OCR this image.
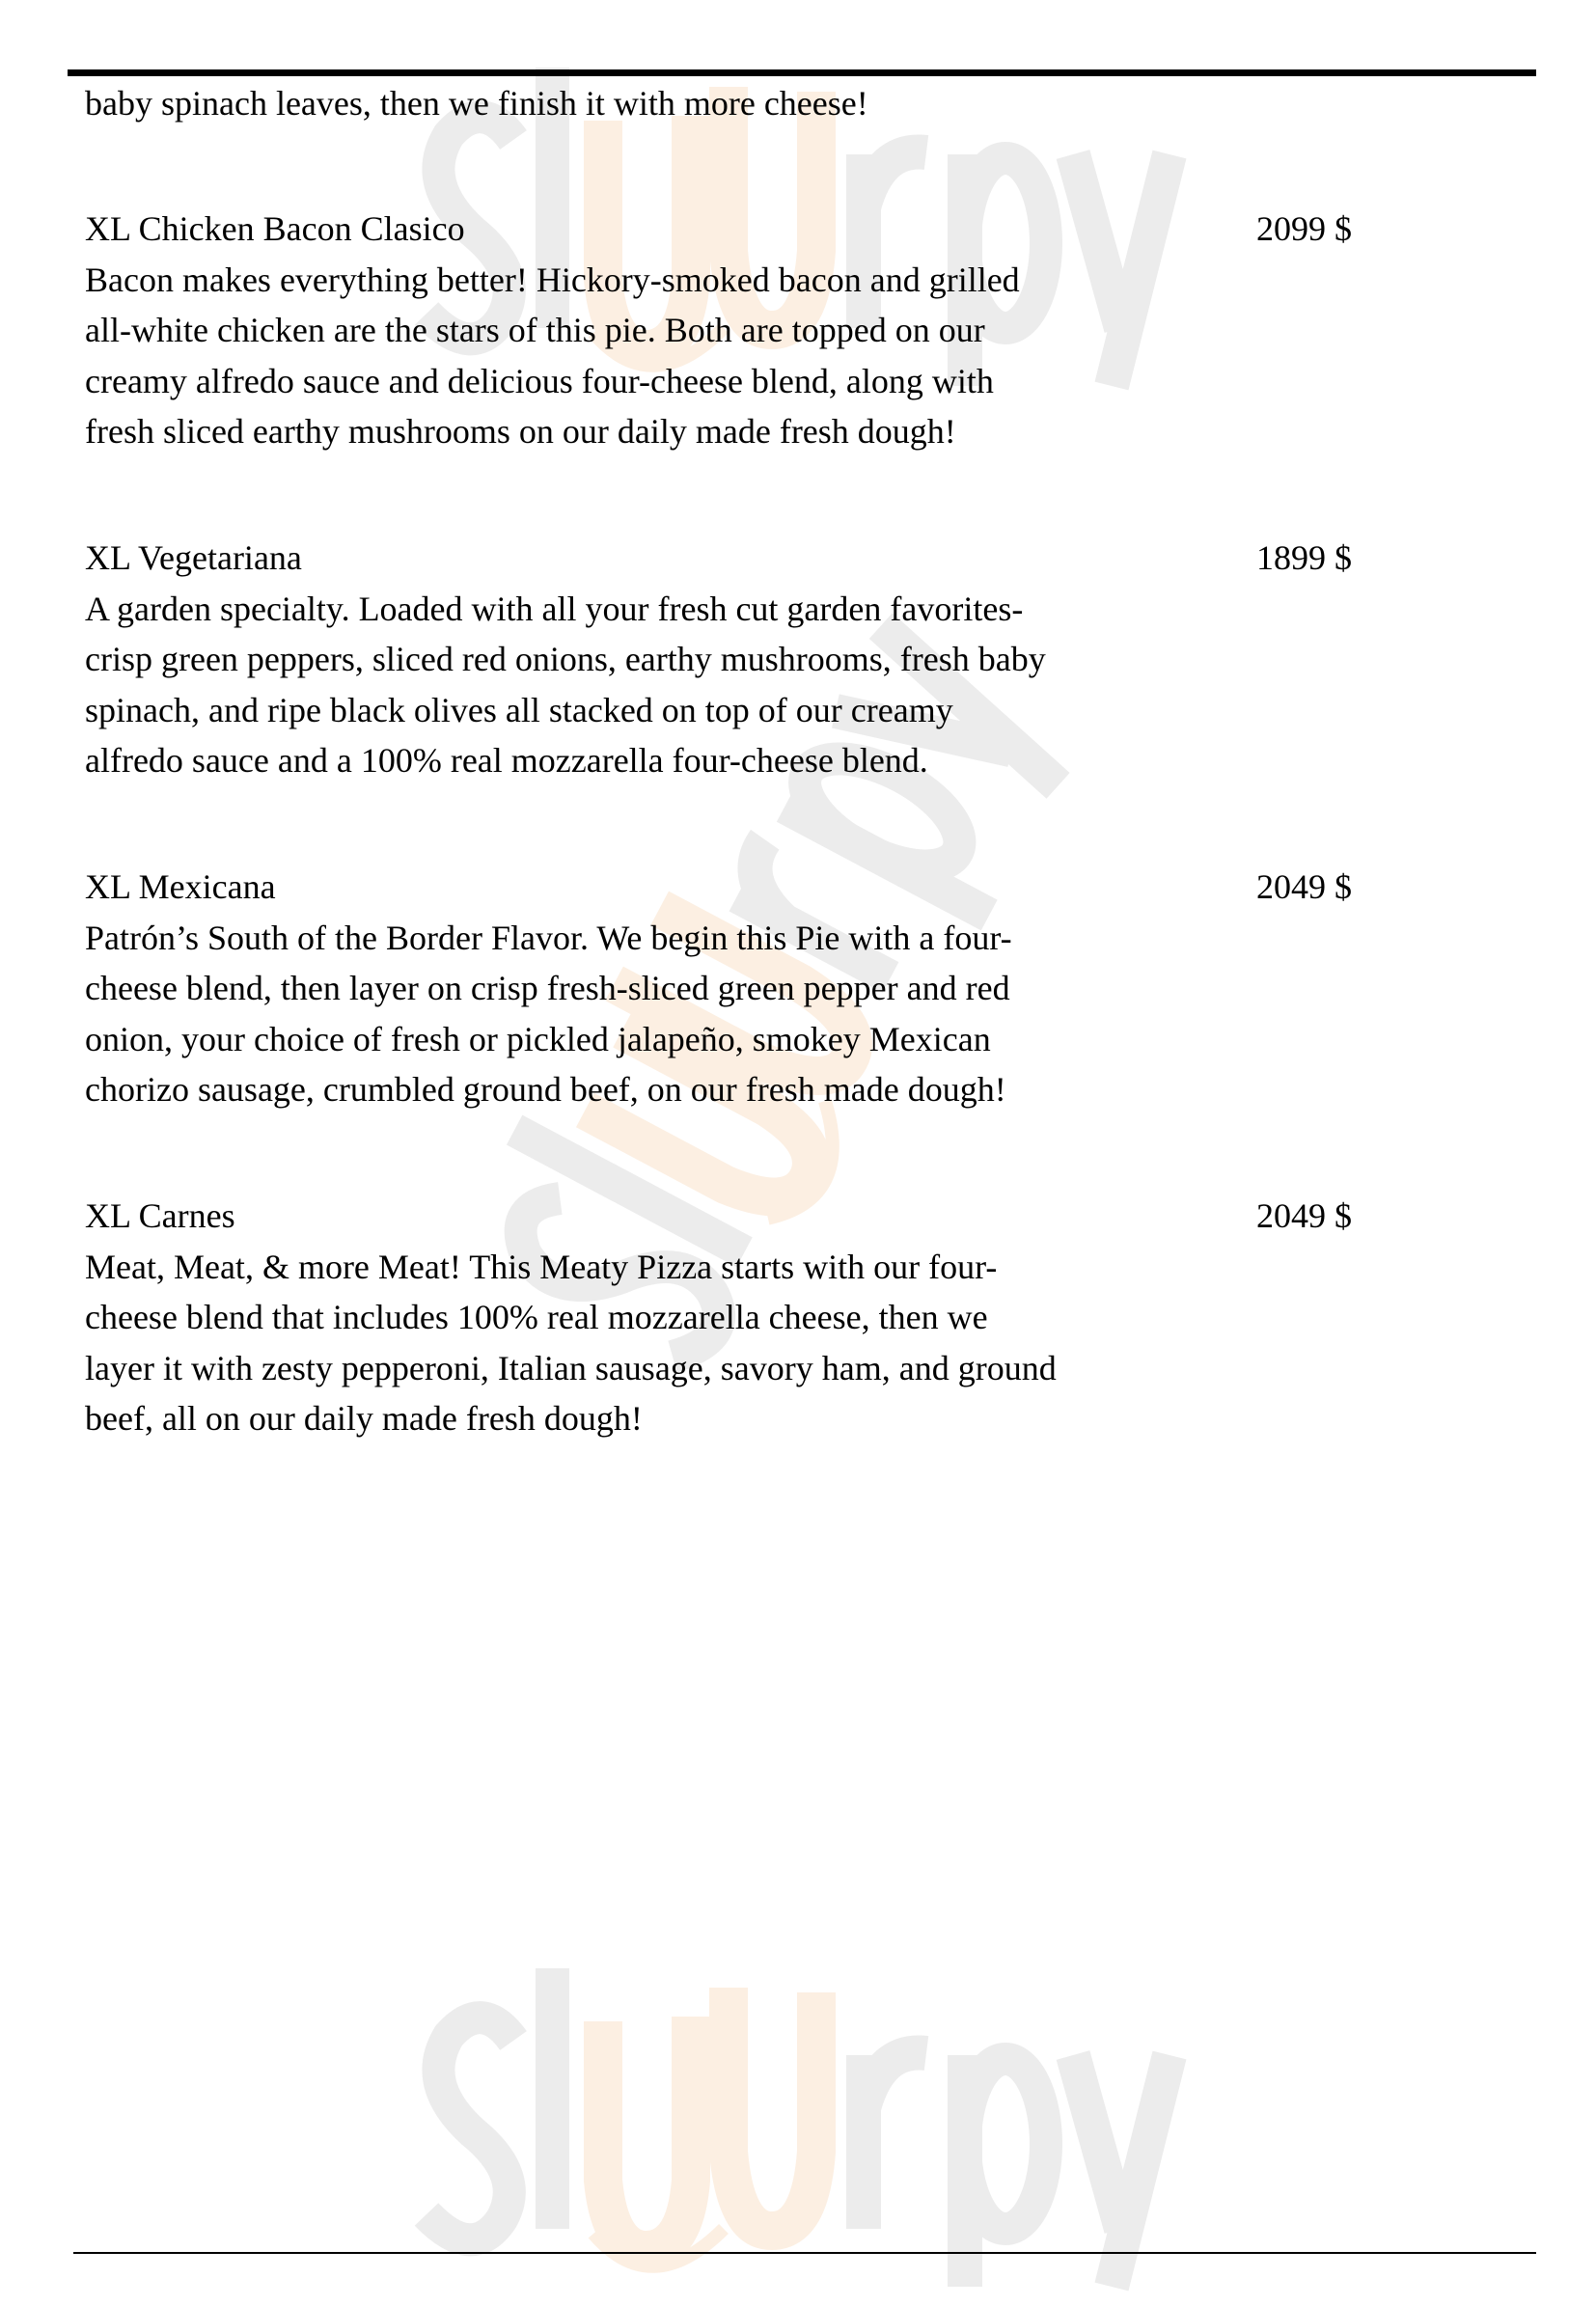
baby spinach leaves, then we finish it with more cheese!
XL Chicken Bacon Clasico	2099 $
Bacon makes everything better! Hickory-smoked bacon and grilled
all-white chicken are the stars of this pie. Both are topped on our
creamy alfredo sauce and delicious four-cheese blend, along with
fresh sliced earthy mushrooms on our daily made fresh dough!
XL Vegetariana	1899 $
A garden specialty. Loaded with all your fresh cut garden favorites-
crisp green peppers, sliced red onions, earthy mushrooms, fresh baby
spinach, and ripe black olives all stacked on top of our creamy
alfredo sauce and a 100% real mozzarella four-cheese blend.
XL Mexicana	2049 $
Patrón’s South of the Border Flavor. We begin this Pie with a four-
cheese blend, then layer on crisp fresh-sliced green pepper and red
onion, your choice of fresh or pickled jalapeño, smokey Mexican
chorizo sausage, crumbled ground beef, on our fresh made dough!
XL Carnes	2049 $
Meat, Meat, & more Meat! This Meaty Pizza starts with our four-
cheese blend that includes 100% real mozzarella cheese, then we
layer it with zesty pepperoni, Italian sausage, savory ham, and ground
beef, all on our daily made fresh dough!
